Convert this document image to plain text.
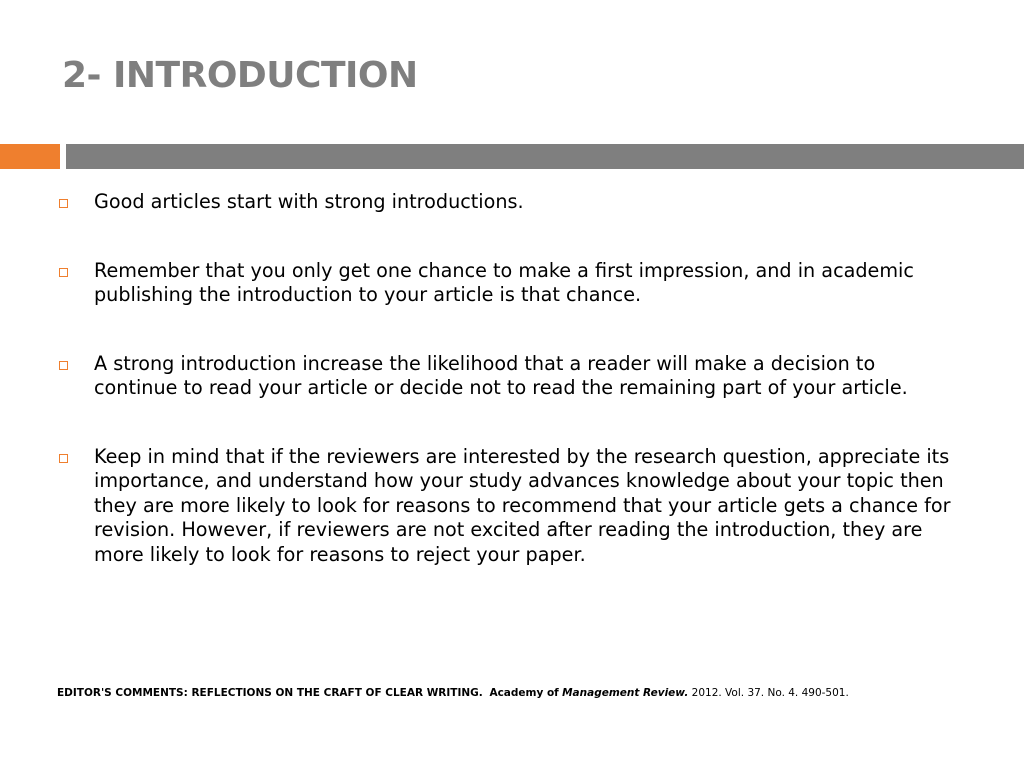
2- INTRODUCTION
Good articles start with strong introductions.
Remember that you only get one chance to make a first impression, and in academic publishing the introduction to your article is that chance.
A strong introduction increase the likelihood that a reader will make a decision to continue to read your article or decide not to read the remaining part of your article.
Keep in mind that if the reviewers are interested by the research question, appreciate its importance, and understand how your study advances knowledge about your topic then they are more likely to look for reasons to recommend that your article gets a chance for revision. However, if reviewers are not excited after reading the introduction, they are more likely to look for reasons to reject your paper.
EDITOR'S COMMENTS: REFLECTIONS ON THE CRAFT OF CLEAR WRITING. Academy of Management Review. 2012. Vol. 37. No. 4. 490-501.
